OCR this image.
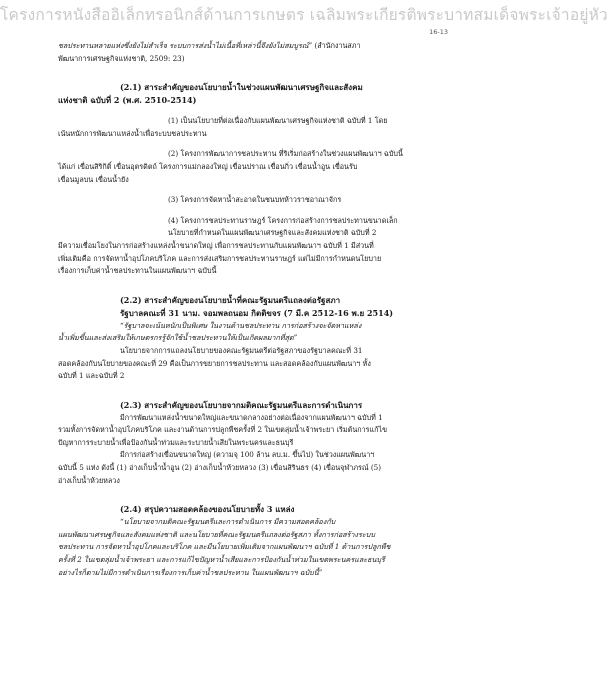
โครงการหนังสืออิเล็กทรอนิกส์ด้านการเกษตร เฉลิมพระเกียรติพระบาทสมเด็จพระเจ้าอยู่หัว
16-13

ชลประทานหลายแห่งซึ่งยังไม่สำเร็จ ระบบการส่งน้ำไม่เนื้อที่เหล่านี้จึงยังไม่สมบูรณ์” (สำนักงานสภา

พัฒนาการเศรษฐกิจแห่งชาติ, 2509: 23)

(2.1) สาระสำคัญของนโยบายน้ำในช่วงแผนพัฒนาเศรษฐกิจและสังคม
แห่งชาติ ฉบับที่ 2 (พ.ศ. 2510-2514)

(1) เป็นนโยบายที่ต่อเนื่องกับแผนพัฒนาเศรษฐกิจแห่งชาติ ฉบับที่ 1 โดย

เน้นหนักการพัฒนาแหล่งน้ำเพื่อระบบชลประทาน

(2) โครงการพัฒนาการชลประทาน ที่ริเริ่มก่อสร้างในช่วงแผนพัฒนาฯ ฉบับนี้

ได้แก่ เขื่อนสิริกิติ์ เขื่อนอุตรดิตถ์ โครงการแม่กลองใหญ่ เขื่อนปราณ เขื่อนกิ่ว เขื่อนน้ำอูน เขื่อนรับ

เขื่อนมูลบน เขื่อนน้ำยัง

(3) โครงการจัดหาน้ำสะอาดในชนบทห้าวราชอาณาจักร

(4) โครงการชลประทานราษฎร์ โครงการก่อสร้างการชลประทานขนาดเล็ก

นโยบายที่กำหนดในแผนพัฒนาเศรษฐกิจและสังคมแห่งชาติ ฉบับที่ 2

มีความเชื่อมโยงในการก่อสร้างแหล่งน้ำขนาดใหญ่ เพื่อการชลประทานกับแผนพัฒนาฯ ฉบับที่ 1 มีส่วนที่

เพิ่มเติมคือ การจัดหาน้ำอุปโภคบริโภค และการส่งเสริมการชลประทานราษฎร์ แต่ไม่มีการกำหนดนโยบาย

เรื่องการเก็บค่าน้ำชลประทานในแผนพัฒนาฯ ฉบับนี้

(2.2) สาระสำคัญของนโยบายน้ำที่คณะรัฐมนตรีแถลงต่อรัฐสภา
รัฐบาลคณะที่ 31 นาม. จอมพลถนอม กิตติขจร (7 มี.ค 2512-16 พ.ย 2514)

“รัฐบาลจะเน้นหนักเป็นพิเศษ ในงานด้านชลประทาน การก่อสร้างจะจัดหาแหล่ง

น้ำเพิ่มขึ้นและส่งเสริมให้เกษตรกรรู้จักใช้น้ำชลประทานให้เป็นเกิดผลมากที่สุด”

นโยบายจากการแถลงนโยบายของคณะรัฐมนตรีต่อรัฐสภาของรัฐบาลคณะที่ 31

สอดคล้องกับนโยบายของคณะที่ 29 คือเป็นการขยายการชลประทาน และสอดคล้องกับแผนพัฒนาฯ ทั้ง

ฉบับที่ 1 และฉบับที่ 2

(2.3) สาระสำคัญของนโยบายจากมติคณะรัฐมนตรีและการดำเนินการ

มีการพัฒนาแหล่งน้ำขนาดใหญ่และขนาดกลางอย่างต่อเนื่องจากแผนพัฒนาฯ ฉบับที่ 1

รวมทั้งการจัดหาน้ำอุปโภคบริโภค และงานด้านการปลูกพืชครั้งที่ 2 ในเขตลุ่มน้ำเจ้าพระยา เริ่มต้นการแก้ไข

ปัญหาการระบายน้ำเพื่อป้องกันน้ำท่วมและระบายน้ำเสียในพระนครและธนบุรี

มีการก่อสร้างเขื่อนขนาดใหญ่ (ความจุ 100 ล้าน ลบ.ม. ขึ้นไป) ในช่วงแผนพัฒนาฯ

ฉบับนี้ 5 แห่ง ดังนี้ (1) อ่างเก็บน้ำน้ำอูน (2) อ่างเก็บน้ำห้วยหลวง (3) เขื่อนสิรินธร (4) เขื่อนจุฬาภรณ์ (5)

อ่างเก็บน้ำห้วยหลวง

(2.4) สรุปความสอดคล้องของนโยบายทั้ง 3 แหล่ง

“นโยบายจากมติคณะรัฐมนตรีและการดำเนินการ มีความสอดคล้องกับ

แผนพัฒนาเศรษฐกิจและสังคมแห่งชาติ และนโยบายที่คณะรัฐมนตรีแถลงต่อรัฐสภา ทั้งการก่อสร้างระบบ

ชลประทาน การจัดหาน้ำอุปโภคและบริโภค และมีนโยบายเพิ่มเติมจากแผนพัฒนาฯ ฉบับที่ 1 ด้านการปลูกพืช

ครั้งที่ 2 ในเขตลุ่มน้ำเจ้าพระยา และการแก้ไขปัญหาน้ำเสียและการป้องกันน้ำท่วมในเขตพระนครและธนบุรี

อย่างไรก็ตามไม่มีการดำเนินการเรื่องการเก็บค่าน้ำชลประทาน ในแผนพัฒนาฯ ฉบับนี้”
